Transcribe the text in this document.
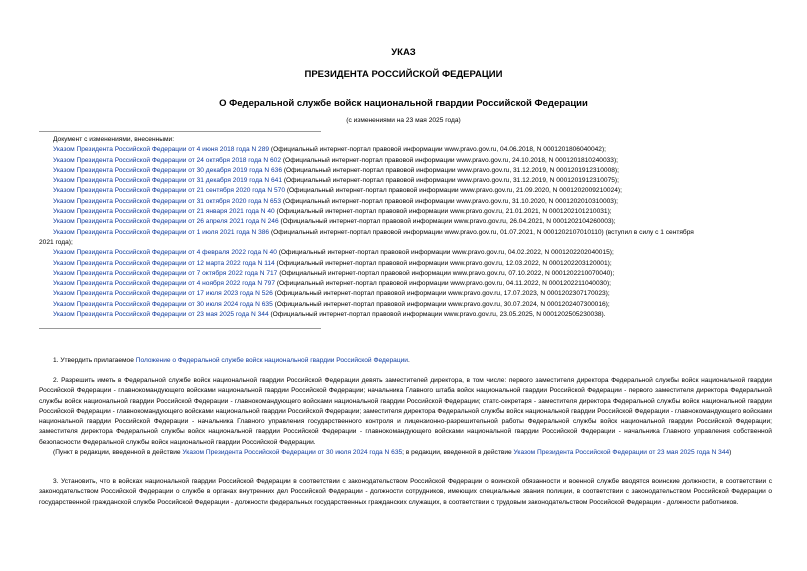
УКАЗ
ПРЕЗИДЕНТА РОССИЙСКОЙ ФЕДЕРАЦИИ
О Федеральной службе войск национальной гвардии Российской Федерации
(с изменениями на 23 мая 2025 года)
Документ с изменениями, внесенными:
Указом Президента Российской Федерации от 4 июня 2018 года N 289 (Официальный интернет-портал правовой информации www.pravo.gov.ru, 04.06.2018, N 0001201806040042);
Указом Президента Российской Федерации от 24 октября 2018 года N 602 (Официальный интернет-портал правовой информации www.pravo.gov.ru, 24.10.2018, N 0001201810240033);
Указом Президента Российской Федерации от 30 декабря 2019 года N 636 (Официальный интернет-портал правовой информации www.pravo.gov.ru, 31.12.2019, N 0001201912310008);
Указом Президента Российской Федерации от 31 декабря 2019 года N 641 (Официальный интернет-портал правовой информации www.pravo.gov.ru, 31.12.2019, N 0001201912310075);
Указом Президента Российской Федерации от 21 сентября 2020 года N 570 (Официальный интернет-портал правовой информации www.pravo.gov.ru, 21.09.2020, N 0001202009210024);
Указом Президента Российской Федерации от 31 октября 2020 года N 653 (Официальный интернет-портал правовой информации www.pravo.gov.ru, 31.10.2020, N 0001202010310003);
Указом Президента Российской Федерации от 21 января 2021 года N 40 (Официальный интернет-портал правовой информации www.pravo.gov.ru, 21.01.2021, N 0001202101210031);
Указом Президента Российской Федерации от 26 апреля 2021 года N 246 (Официальный интернет-портал правовой информации www.pravo.gov.ru, 26.04.2021, N 0001202104260003);
Указом Президента Российской Федерации от 1 июля 2021 года N 386 (Официальный интернет-портал правовой информации www.pravo.gov.ru, 01.07.2021, N 0001202107010110) (вступил в силу с 1 сентября
2021 года);
Указом Президента Российской Федерации от 4 февраля 2022 года N 40 (Официальный интернет-портал правовой информации www.pravo.gov.ru, 04.02.2022, N 0001202202040015);
Указом Президента Российской Федерации от 12 марта 2022 года N 114 (Официальный интернет-портал правовой информации www.pravo.gov.ru, 12.03.2022, N 0001202203120001);
Указом Президента Российской Федерации от 7 октября 2022 года N 717 (Официальный интернет-портал правовой информации www.pravo.gov.ru, 07.10.2022, N 0001202210070040);
Указом Президента Российской Федерации от 4 ноября 2022 года N 797 (Официальный интернет-портал правовой информации www.pravo.gov.ru, 04.11.2022, N 0001202211040030);
Указом Президента Российской Федерации от 17 июля 2023 года N 526 (Официальный интернет-портал правовой информации www.pravo.gov.ru, 17.07.2023, N 0001202307170023);
Указом Президента Российской Федерации от 30 июля 2024 года N 635 (Официальный интернет-портал правовой информации www.pravo.gov.ru, 30.07.2024, N 0001202407300016);
Указом Президента Российской Федерации от 23 мая 2025 года N 344 (Официальный интернет-портал правовой информации www.pravo.gov.ru, 23.05.2025, N 0001202505230038).
1. Утвердить прилагаемое Положение о Федеральной службе войск национальной гвардии Российской Федерации.
2. Разрешить иметь в Федеральной службе войск национальной гвардии Российской Федерации девять заместителей директора, в том числе: первого заместителя директора Федеральной службы войск национальной гвардии Российской Федерации - главнокомандующего войсками национальной гвардии Российской Федерации; начальника Главного штаба войск национальной гвардии Российской Федерации - первого заместителя директора Федеральной службы войск национальной гвардии Российской Федерации - главнокомандующего войсками национальной гвардии Российской Федерации; статс-секретаря - заместителя директора Федеральной службы войск национальной гвардии Российской Федерации - главнокомандующего войсками национальной гвардии Российской Федерации; заместителя директора Федеральной службы войск национальной гвардии Российской Федерации - главнокомандующего войсками национальной гвардии Российской Федерации - начальника Главного управления государственного контроля и лицензионно-разрешительной работы Федеральной службы войск национальной гвардии Российской Федерации; заместителя директора Федеральной службы войск национальной гвардии Российской Федерации - главнокомандующего войсками национальной гвардии Российской Федерации - начальника Главного управления собственной безопасности Федеральной службы войск национальной гвардии Российской Федерации.
(Пункт в редакции, введенной в действие Указом Президента Российской Федерации от 30 июля 2024 года N 635; в редакции, введенной в действие Указом Президента Российской Федерации от 23 мая 2025 года N 344)
3. Установить, что в войсках национальной гвардии Российской Федерации в соответствии с законодательством Российской Федерации о воинской обязанности и военной службе вводятся воинские должности, в соответствии с законодательством Российской Федерации о службе в органах внутренних дел Российской Федерации - должности сотрудников, имеющих специальные звания полиции, в соответствии с законодательством Российской Федерации о государственной гражданской службе Российской Федерации - должности федеральных государственных гражданских служащих, в соответствии с трудовым законодательством Российской Федерации - должности работников.
